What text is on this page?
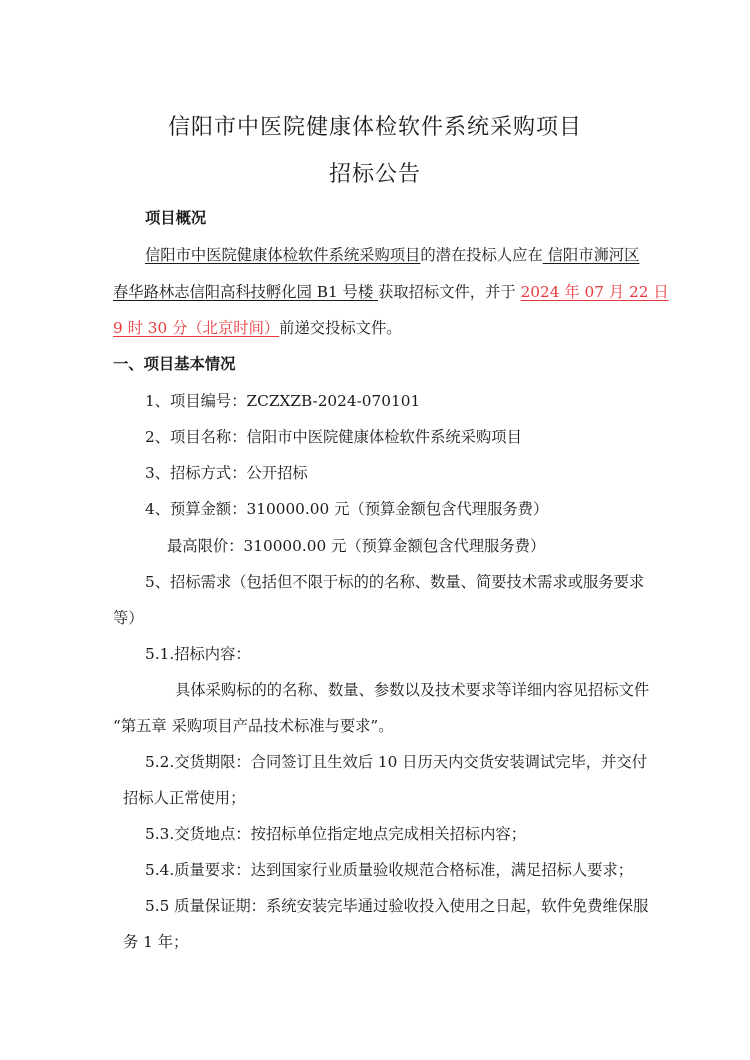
信阳市中医院健康体检软件系统采购项目
招标公告
项目概况
信阳市中医院健康体检软件系统采购项目的潜在投标人应在 信阳市浉河区
春华路林志信阳高科技孵化园 B1 号楼 获取招标文件，并于 2024 年 07 月 22 日
9 时 30 分（北京时间）前递交投标文件。
一、项目基本情况
1、项目编号：ZCZXZB-2024-070101
2、项目名称：信阳市中医院健康体检软件系统采购项目
3、招标方式：公开招标
4、预算金额：310000.00 元（预算金额包含代理服务费）
最高限价：310000.00 元（预算金额包含代理服务费）
5、招标需求（包括但不限于标的的名称、数量、简要技术需求或服务要求
等）
5.1.招标内容：
具体采购标的的名称、数量、参数以及技术要求等详细内容见招标文件
“第五章 采购项目产品技术标准与要求”。
5.2.交货期限：合同签订且生效后 10 日历天内交货安装调试完毕，并交付
招标人正常使用；
5.3.交货地点：按招标单位指定地点完成相关招标内容；
5.4.质量要求：达到国家行业质量验收规范合格标准，满足招标人要求；
5.5 质量保证期：系统安装完毕通过验收投入使用之日起，软件免费维保服
务 1 年；
